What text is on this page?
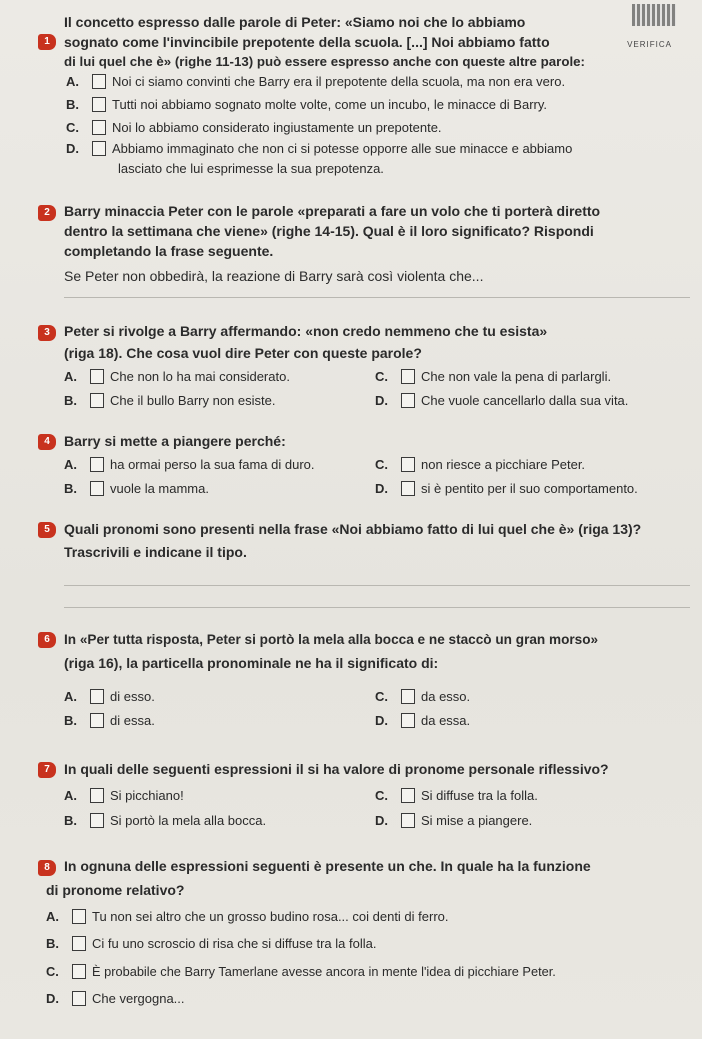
VERIFICA
1
Il concetto espresso dalle parole di Peter: «Siamo noi che lo abbiamo
sognato come l'invincibile prepotente della scuola. [...] Noi abbiamo fatto
di lui quel che è» (righe 11-13) può essere espresso anche con queste altre parole:
A.	Noi ci siamo convinti che Barry era il prepotente della scuola, ma non era vero.
B.	Tutti noi abbiamo sognato molte volte, come un incubo, le minacce di Barry.
C.	Noi lo abbiamo considerato ingiustamente un prepotente.
D.	Abbiamo immaginato che non ci si potesse opporre alle sue minacce e abbiamo
lasciato che lui esprimesse la sua prepotenza.
2	Barry minaccia Peter con le parole «preparati a fare un volo che ti porterà diretto
dentro la settimana che viene» (righe 14-15). Qual è il loro significato? Rispondi
completando la frase seguente.
Se Peter non obbedirà, la reazione di Barry sarà così violenta che...
3	Peter si rivolge a Barry affermando: «non credo nemmeno che tu esista»
(riga 18). Che cosa vuol dire Peter con queste parole?
A.	Che non lo ha mai considerato.
B.	Che il bullo Barry non esiste.
C.	Che non vale la pena di parlargli.
D.	Che vuole cancellarlo dalla sua vita.
4	Barry si mette a piangere perché:
A.	ha ormai perso la sua fama di duro.
B.	vuole la mamma.
C.	non riesce a picchiare Peter.
D.	si è pentito per il suo comportamento.
5	Quali pronomi sono presenti nella frase «Noi abbiamo fatto di lui quel che è» (riga 13)?
Trascrivili e indicane il tipo.
6	In «Per tutta risposta, Peter si portò la mela alla bocca e ne staccò un gran morso»
(riga 16), la particella pronominale ne ha il significato di:
A.	di esso.
B.	di essa.
C.	da esso.
D.	da essa.
7	In quali delle seguenti espressioni il si ha valore di pronome personale riflessivo?
A.	Si picchiano!
B.	Si portò la mela alla bocca.
C.	Si diffuse tra la folla.
D.	Si mise a piangere.
8	In ognuna delle espressioni seguenti è presente un che. In quale ha la funzione
di pronome relativo?
A.	Tu non sei altro che un grosso budino rosa... coi denti di ferro.
B.	Ci fu uno scroscio di risa che si diffuse tra la folla.
C.	È probabile che Barry Tamerlane avesse ancora in mente l'idea di picchiare Peter.
D.	Che vergogna...
